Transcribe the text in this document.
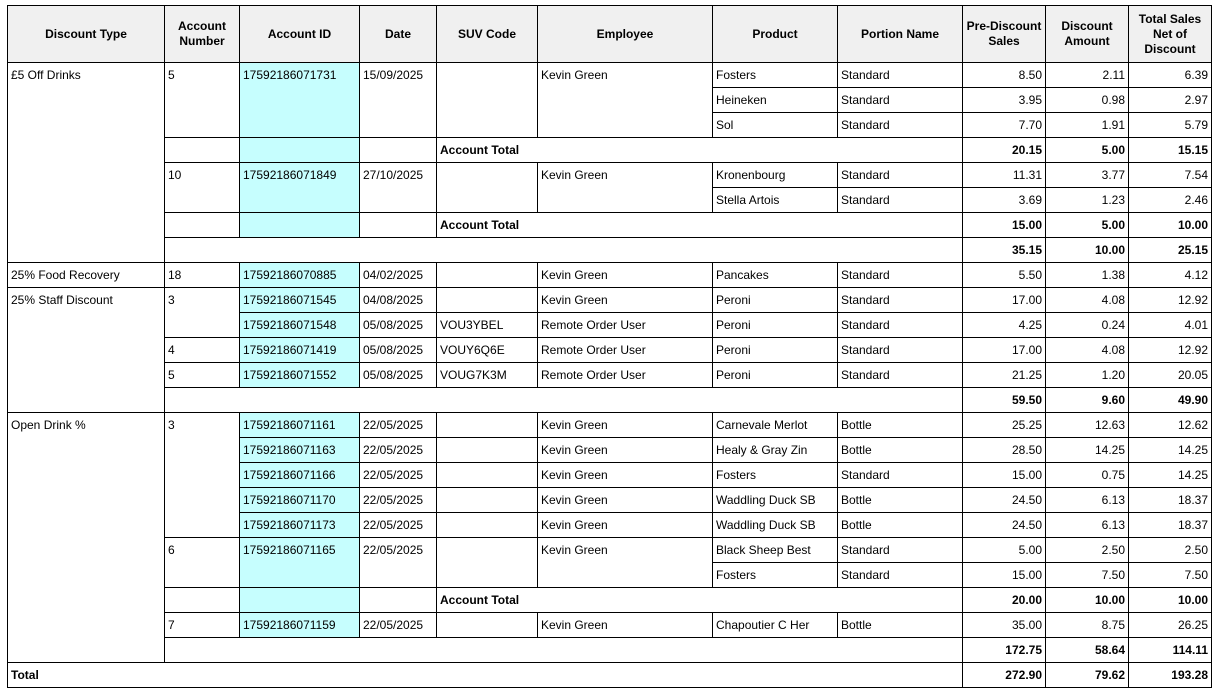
Discount Type	Account Number	Account ID	Date	SUV Code	Employee	Product	Portion Name	Pre-Discount Sales	Discount Amount	Total Sales Net of Discount
£5 Off Drinks	5	17592186071731	15/09/2025		Kevin Green	Fosters	Standard	8.50	2.11	6.39
						Heineken	Standard	3.95	0.98	2.97
						Sol	Standard	7.70	1.91	5.79
				Account Total				20.15	5.00	15.15
	10	17592186071849	27/10/2025		Kevin Green	Kronenbourg	Standard	11.31	3.77	7.54
						Stella Artois	Standard	3.69	1.23	2.46
				Account Total				15.00	5.00	10.00
								35.15	10.00	25.15
25% Food Recovery	18	17592186070885	04/02/2025		Kevin Green	Pancakes	Standard	5.50	1.38	4.12
25% Staff Discount	3	17592186071545	04/08/2025		Kevin Green	Peroni	Standard	17.00	4.08	12.92
		17592186071548	05/08/2025	VOU3YBEL	Remote Order User	Peroni	Standard	4.25	0.24	4.01
	4	17592186071419	05/08/2025	VOUY6Q6E	Remote Order User	Peroni	Standard	17.00	4.08	12.92
	5	17592186071552	05/08/2025	VOUG7K3M	Remote Order User	Peroni	Standard	21.25	1.20	20.05
								59.50	9.60	49.90
Open Drink %	3	17592186071161	22/05/2025		Kevin Green	Carnevale Merlot	Bottle	25.25	12.63	12.62
		17592186071163	22/05/2025		Kevin Green	Healy & Gray Zin	Bottle	28.50	14.25	14.25
		17592186071166	22/05/2025		Kevin Green	Fosters	Standard	15.00	0.75	14.25
		17592186071170	22/05/2025		Kevin Green	Waddling Duck SB	Bottle	24.50	6.13	18.37
		17592186071173	22/05/2025		Kevin Green	Waddling Duck SB	Bottle	24.50	6.13	18.37
	6	17592186071165	22/05/2025		Kevin Green	Black Sheep Best	Standard	5.00	2.50	2.50
						Fosters	Standard	15.00	7.50	7.50
				Account Total				20.00	10.00	10.00
	7	17592186071159	22/05/2025		Kevin Green	Chapoutier C Her	Bottle	35.00	8.75	26.25
								172.75	58.64	114.11
Total								272.90	79.62	193.28
